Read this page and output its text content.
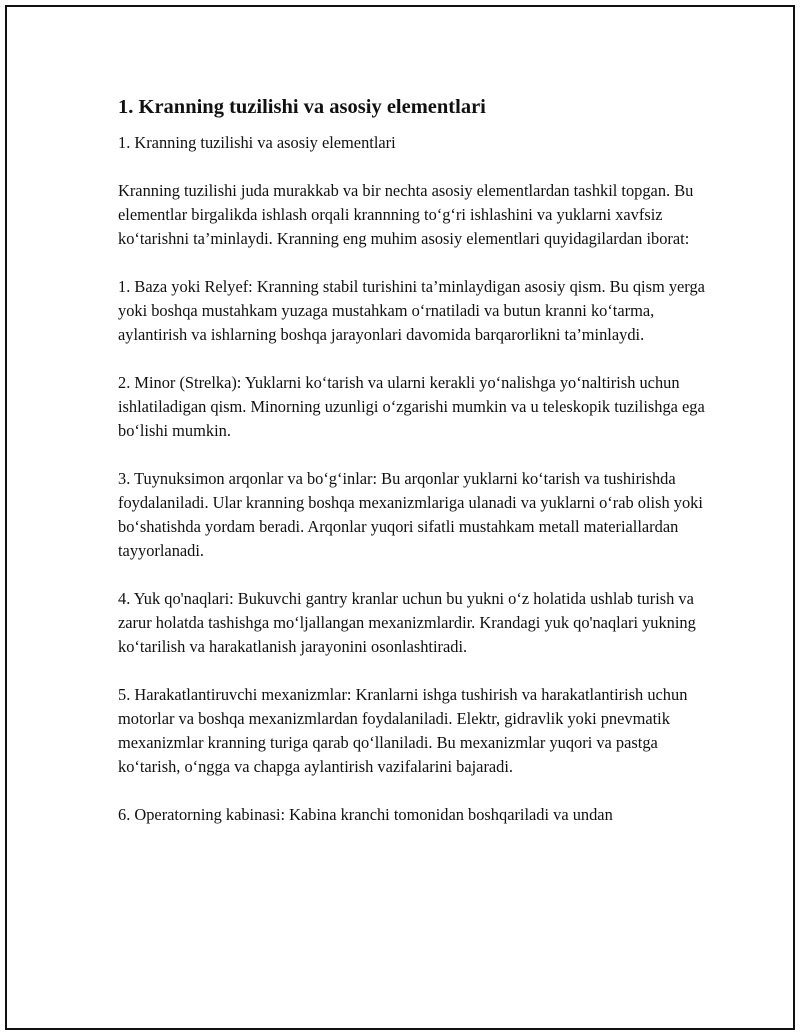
1. Kranning tuzilishi va asosiy elementlari
1. Kranning tuzilishi va asosiy elementlari
Kranning tuzilishi juda murakkab va bir nechta asosiy elementlardan tashkil topgan. Bu elementlar birgalikda ishlash orqali krannning to‘g‘ri ishlashini va yuklarni xavfsiz ko‘tarishni ta’minlaydi. Kranning eng muhim asosiy elementlari quyidagilardan iborat:
1. Baza yoki Relyef: Kranning stabil turishini ta’minlaydigan asosiy qism. Bu qism yerga yoki boshqa mustahkam yuzaga mustahkam o‘rnatiladi va butun kranni ko‘tarma, aylantirish va ishlarning boshqa jarayonlari davomida barqarorlikni ta’minlaydi.
2. Minor (Strelka): Yuklarni ko‘tarish va ularni kerakli yo‘nalishga yo‘naltirish uchun ishlatiladigan qism. Minorning uzunligi o‘zgarishi mumkin va u teleskopik tuzilishga ega bo‘lishi mumkin.
3. Tuynuksimon arqonlar va bo‘g‘inlar: Bu arqonlar yuklarni ko‘tarish va tushirishda foydalaniladi. Ular kranning boshqa mexanizmlariga ulanadi va yuklarni o‘rab olish yoki bo‘shatishda yordam beradi. Arqonlar yuqori sifatli mustahkam metall materiallardan tayyorlanadi.
4. Yuk qo'naqlari: Bukuvchi gantry kranlar uchun bu yukni o‘z holatida ushlab turish va zarur holatda tashishga mo‘ljallangan mexanizmlardir. Krandagi yuk qo'naqlari yukning ko‘tarilish va harakatlanish jarayonini osonlashtiradi.
5. Harakatlantiruvchi mexanizmlar: Kranlarni ishga tushirish va harakatlantirish uchun motorlar va boshqa mexanizmlardan foydalaniladi. Elektr, gidravlik yoki pnevmatik mexanizmlar kranning turiga qarab qo‘llaniladi. Bu mexanizmlar yuqori va pastga ko‘tarish, o‘ngga va chapga aylantirish vazifalarini bajaradi.
6. Operatorning kabinasi: Kabina kranchi tomonidan boshqariladi va undan
